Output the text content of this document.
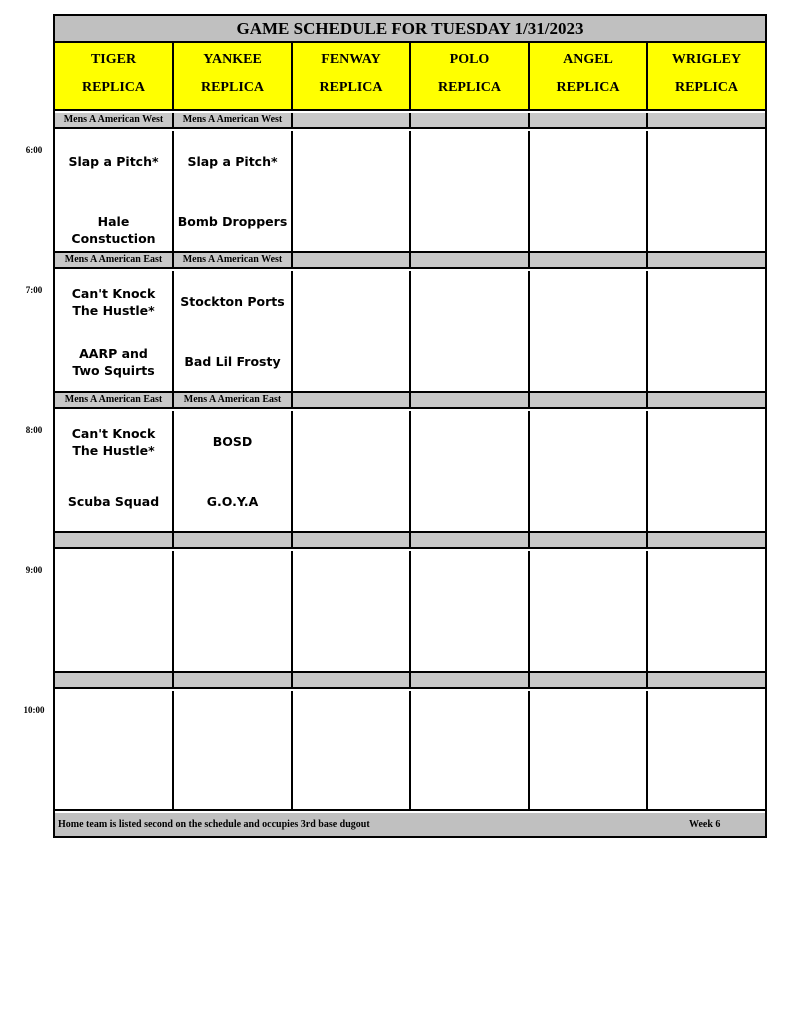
GAME SCHEDULE FOR TUESDAY 1/31/2023
TIGER
REPLICA
YANKEE
REPLICA
FENWAY
REPLICA
POLO
REPLICA
ANGEL
REPLICA
WRIGLEY
REPLICA
Mens A American West
Slap a Pitch*
Hale Constuction
Mens A American West
Slap a Pitch*
Bomb Droppers
Mens A American East
Can't Knock The Hustle*
AARP and Two Squirts
Mens A American West
Stockton Ports
Bad Lil Frosty
Mens A American East
Can't Knock The Hustle*
Scuba Squad
Mens A American East
BOSD
G.O.Y.A
Home team is listed second on the schedule and occupies 3rd base dugout	Week 6
6:00
7:00
8:00
9:00
10:00
